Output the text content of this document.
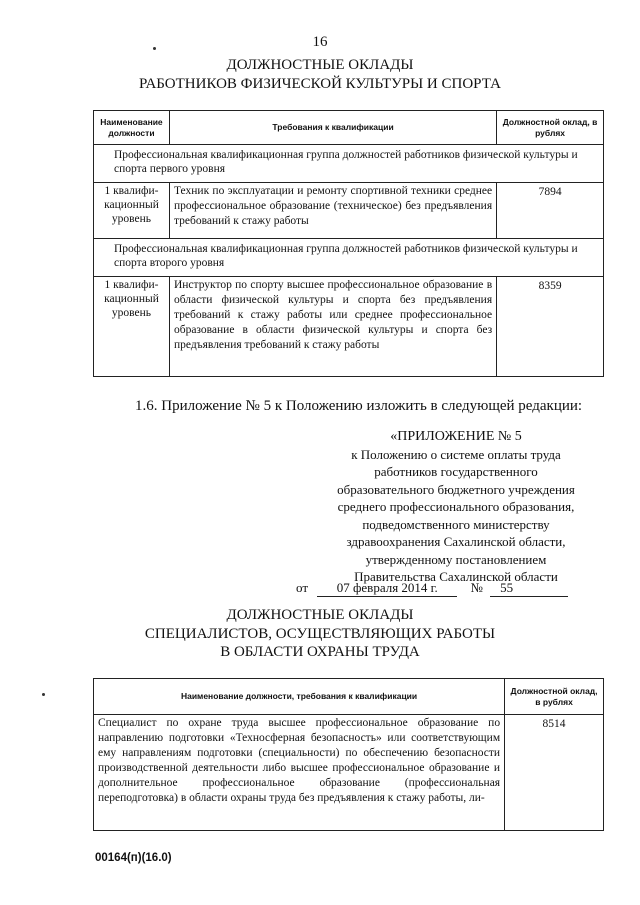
16
ДОЛЖНОСТНЫЕ ОКЛАДЫ
РАБОТНИКОВ ФИЗИЧЕСКОЙ КУЛЬТУРЫ И СПОРТА
Наименование должности	Требования к квалификации	Должностной оклад, в рублях
Профессиональная квалификационная группа должностей работников физической культуры и спорта первого уровня		
1 квалифи-кационный уровень	Техник по эксплуатации и ремонту спортивной техники среднее профессиональное образование (техническое) без предъявления требований к стажу работы	7894
Профессиональная квалификационная группа должностей работников физической культуры и спорта второго уровня		
1 квалифи-кационный уровень	Инструктор по спорту высшее профессиональное образование в области физической культуры и спорта без предъявления требований к стажу работы или среднее профессиональное образование в области физической культуры и спорта без предъявления требований к стажу работы	8359
1.6. Приложение № 5 к Положению изложить в следующей редакции:
«ПРИЛОЖЕНИЕ № 5
к Положению о системе оплаты труда
работников государственного
образовательного бюджетного учреждения
среднего профессионального образования,
подведомственного министерству
здравоохранения Сахалинской области,
утвержденному постановлением
Правительства Сахалинской области
от 07 февраля 2014 г.	№ 55
ДОЛЖНОСТНЫЕ ОКЛАДЫ
СПЕЦИАЛИСТОВ, ОСУЩЕСТВЛЯЮЩИХ РАБОТЫ
В ОБЛАСТИ ОХРАНЫ ТРУДА
Наименование должности, требования к квалификации	Должностной оклад, в рублях
Специалист по охране труда высшее профессиональное образование по направлению подготовки «Техносферная безопасность» или соответствующим ему направлениям подготовки (специальности) по обеспечению безопасности производственной деятельности либо высшее профессиональное образование и дополнительное профессиональное образование (профессиональная переподготовка) в области охраны труда без предъявления к стажу работы, ли-	8514
00164(п)(16.0)
